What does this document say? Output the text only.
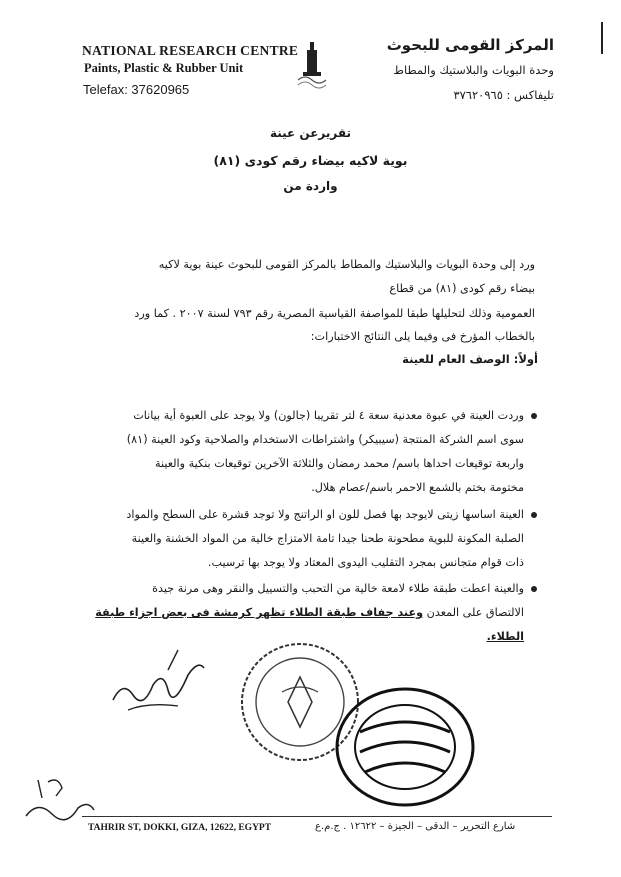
NATIONAL RESEARCH CENTRE
Paints, Plastic & Rubber Unit
Telefax: 37620965
المركز القومى للبحوث
وحدة البويات والبلاستيك والمطاط
تليفاكس : ٣٧٦٢٠٩٦٥
تقريرعن عينة
بوية لاكيه بيضاء رقم كودى (٨١)
واردة من
ورد إلى وحدة البويات والبلاستيك والمطاط بالمركز القومى للبحوث عينة بوية لاكيه
بيضاء رقم كودى (٨١) من قطاع
العمومية وذلك لتحليلها طبقا للمواصفة القياسية المصرية رقم ٧٩٣ لسنة ٢٠٠٧ . كما ورد
بالخطاب المؤرخ فى وفيما يلى النتائج الاختبارات:
أولاً: الوصف العام للعينة
وردت العينة في عبوة معدنية سعة ٤ لتر تقريبا (جالون) ولا يوجد على العبوة أية بيانات
سوى اسم الشركة المنتجة (سيبيكر) واشتراطات الاستخدام والصلاحية وكود العينة (٨١)
واربعة توقيعات احداها باسم/ محمد رمضان والثلاثة الآخرين توقيعات بنكية والعينة
مختومة بختم بالشمع الاحمر باسم/عصام هلال.
العينة اساسها زيتى لايوجد بها فصل للون او الراتنج ولا توجد قشرة على السطح والمواد
الصلبة المكونة للبوية مطحونة طحنا جيدا تامة الامتزاج خالية من المواد الخشنة والعينة
ذات قوام متجانس بمجرد التقليب اليدوى المعتاد ولا يوجد بها ترسيب.
والعينة اعطت طبقة طلاء لامعة خالية من التحبب والتسييل والنقر وهى مرنة جيدة
الالتصاق على المعدن وعند جفاف طبقة الطلاء تظهر كرمشة فى بعض اجزاء طبقة
الطلاء.
TAHRIR ST, DOKKI, GIZA, 12622, EGYPT	شارع التحرير – الدقى – الجيزة – ١٢٦٢٢ . ج.م.ع
